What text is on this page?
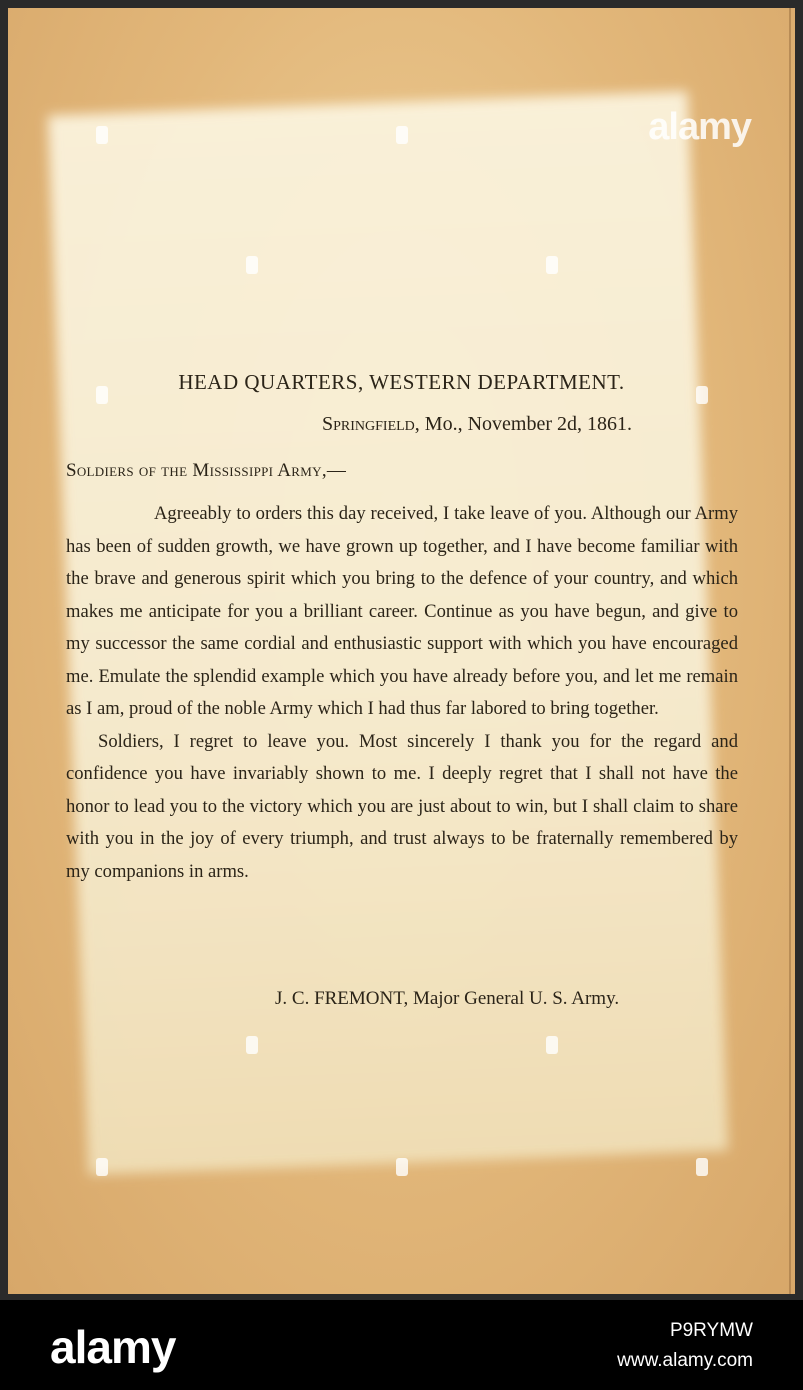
alamy
HEAD QUARTERS, WESTERN DEPARTMENT.
Springfield, Mo., November 2d, 1861.
Soldiers of the Mississippi Army,—

Agreeably to orders this day received, I take leave of you. Although our Army has been of sudden growth, we have grown up together, and I have become familiar with the brave and generous spirit which you bring to the defence of your country, and which makes me anticipate for you a brilliant career. Continue as you have begun, and give to my successor the same cordial and enthusiastic support with which you have encouraged me. Emulate the splendid example which you have already before you, and let me remain as I am, proud of the noble Army which I had thus far labored to bring together.

Soldiers, I regret to leave you. Most sincerely I thank you for the regard and confidence you have invariably shown to me. I deeply regret that I shall not have the honor to lead you to the victory which you are just about to win, but I shall claim to share with you in the joy of every triumph, and trust always to be fraternally remembered by my companions in arms.

J. C. FREMONT, Major General U. S. Army.
alamy	P9RYMW
www.alamy.com
